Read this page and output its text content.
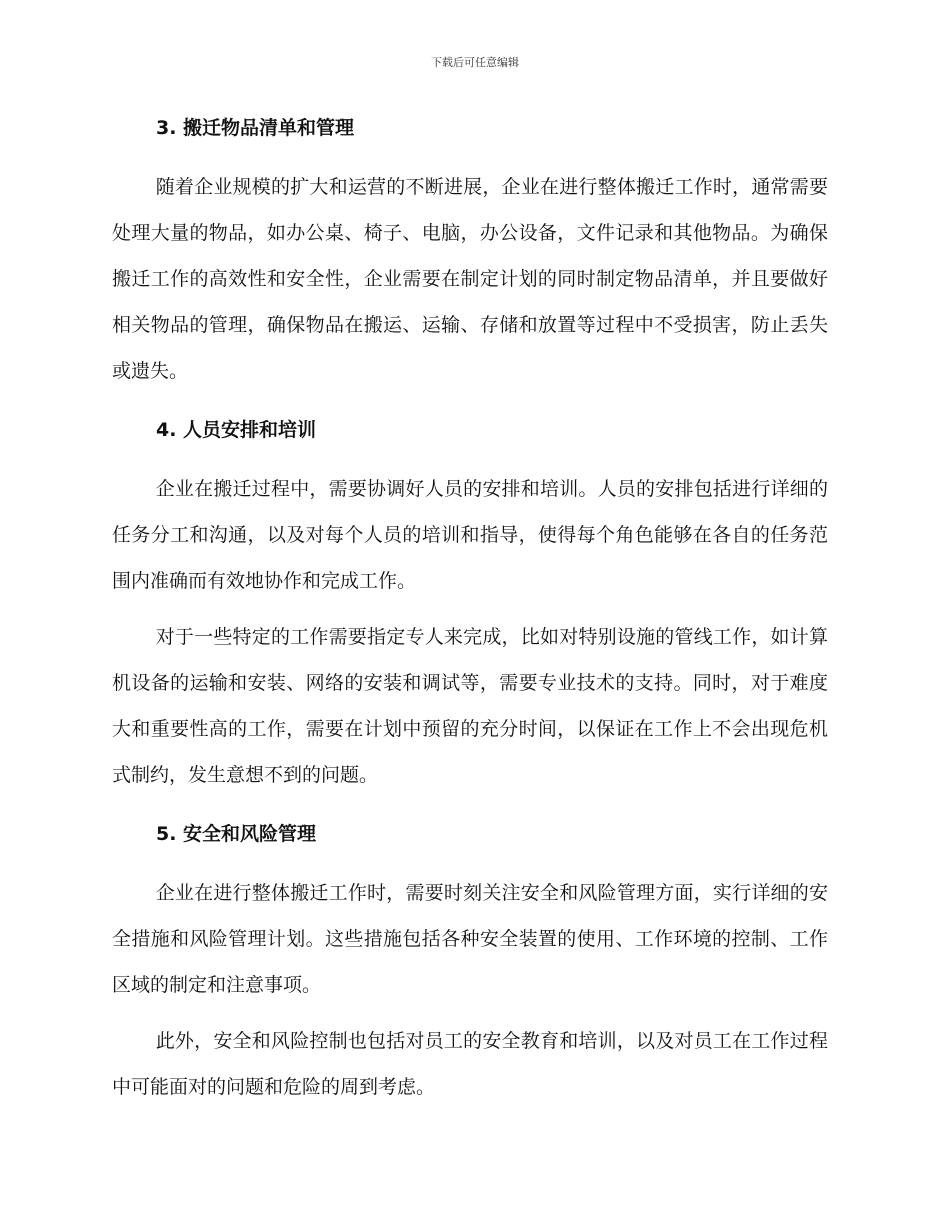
下载后可任意编辑
3. 搬迁物品清单和管理

随着企业规模的扩大和运营的不断进展，企业在进行整体搬迁工作时，通常需要处理大量的物品，如办公桌、椅子、电脑，办公设备，文件记录和其他物品。为确保搬迁工作的高效性和安全性，企业需要在制定计划的同时制定物品清单，并且要做好相关物品的管理，确保物品在搬运、运输、存储和放置等过程中不受损害，防止丢失或遗失。

4. 人员安排和培训

企业在搬迁过程中，需要协调好人员的安排和培训。人员的安排包括进行详细的任务分工和沟通，以及对每个人员的培训和指导，使得每个角色能够在各自的任务范围内准确而有效地协作和完成工作。

对于一些特定的工作需要指定专人来完成，比如对特别设施的管线工作，如计算机设备的运输和安装、网络的安装和调试等，需要专业技术的支持。同时，对于难度大和重要性高的工作，需要在计划中预留的充分时间，以保证在工作上不会出现危机式制约，发生意想不到的问题。

5. 安全和风险管理

企业在进行整体搬迁工作时，需要时刻关注安全和风险管理方面，实行详细的安全措施和风险管理计划。这些措施包括各种安全装置的使用、工作环境的控制、工作区域的制定和注意事项。

此外，安全和风险控制也包括对员工的安全教育和培训，以及对员工在工作过程中可能面对的问题和危险的周到考虑。
